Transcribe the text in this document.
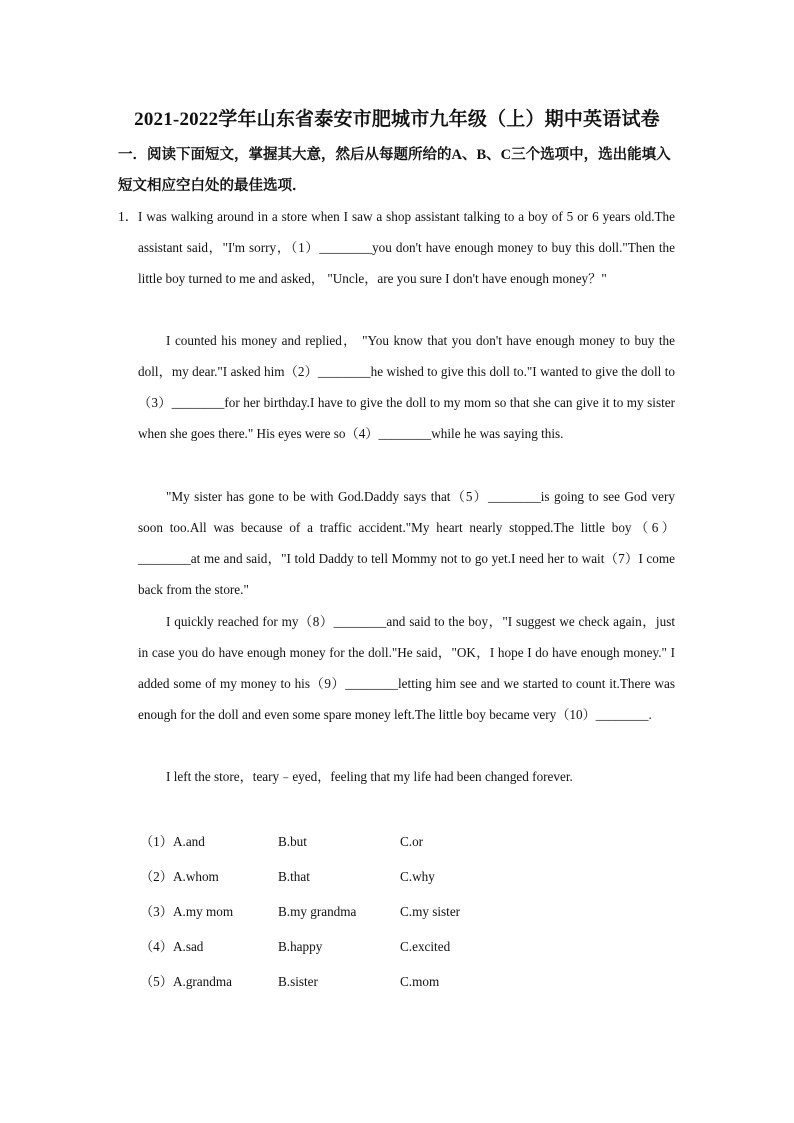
2021-2022学年山东省泰安市肥城市九年级（上）期中英语试卷
一．阅读下面短文，掌握其大意，然后从每题所给的A、B、C三个选项中，选出能填入短文相应空白处的最佳选项．
1． I was walking around in a store when I saw a shop assistant talking to a boy of 5 or 6 years old.The assistant said，"I'm sorry，（1）________you don't have enough money to buy this doll."Then the little boy turned to me and asked， "Uncle，are you sure I don't have enough money？"

I counted his money and replied， "You know that you don't have enough money to buy the doll，my dear."I asked him（2）________he wished to give this doll to."I wanted to give the doll to（3）________for her birthday.I have to give the doll to my mom so that she can give it to my sister when she goes there." His eyes were so（4）________while he was saying this.

"My sister has gone to be with God.Daddy says that（5）________is going to see God very soon too.All was because of a traffic accident."My heart nearly stopped.The little boy（6）________at me and said，"I told Daddy to tell Mommy not to go yet.I need her to wait（7）I come back from the store."

I quickly reached for my（8）________and said to the boy，"I suggest we check again，just in case you do have enough money for the doll."He said，"OK，I hope I do have enough money." I added some of my money to his（9）________letting him see and we started to count it.There was enough for the doll and even some spare money left.The little boy became very（10）________.

I left the store，teary﹣eyed，feeling that my life had been changed forever.

（1） A.and	B.but	C.or
（2） A.whom	B.that	C.why
（3） A.my mom	B.my grandma	C.my sister
（4） A.sad	B.happy	C.excited
（5） A.grandma	B.sister	C.mom
